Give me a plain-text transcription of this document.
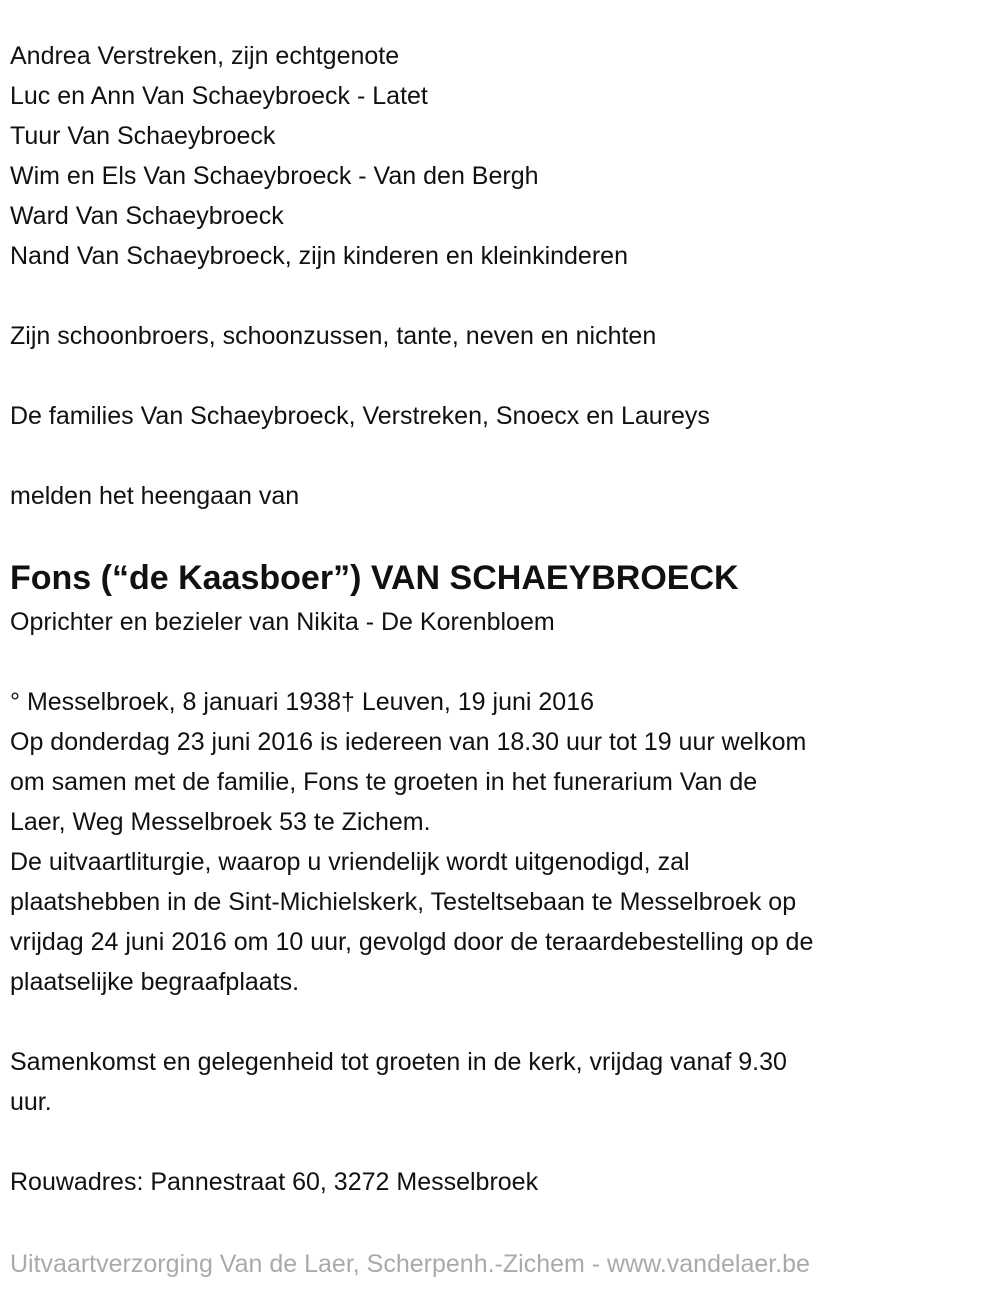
Andrea Verstreken, zijn echtgenote
Luc en Ann Van Schaeybroeck - Latet
Tuur Van Schaeybroeck
Wim en Els Van Schaeybroeck - Van den Bergh
Ward Van Schaeybroeck
Nand Van Schaeybroeck, zijn kinderen en kleinkinderen
Zijn schoonbroers, schoonzussen, tante, neven en nichten
De families Van Schaeybroeck, Verstreken, Snoecx en Laureys
melden het heengaan van
Fons (“de Kaasboer”) VAN SCHAEYBROECK
Oprichter en bezieler van Nikita - De Korenbloem
° Messelbroek, 8 januari 1938† Leuven, 19 juni 2016
Op donderdag 23 juni 2016 is iedereen van 18.30 uur tot 19 uur welkom
om samen met de familie, Fons te groeten in het funerarium Van de
Laer, Weg Messelbroek 53 te Zichem.
De uitvaartliturgie, waarop u vriendelijk wordt uitgenodigd, zal
plaatshebben in de Sint-Michielskerk, Testeltsebaan te Messelbroek op
vrijdag 24 juni 2016 om 10 uur, gevolgd door de teraardebestelling op de
plaatselijke begraafplaats.
Samenkomst en gelegenheid tot groeten in de kerk, vrijdag vanaf 9.30
uur.
Rouwadres: Pannestraat 60, 3272 Messelbroek
Uitvaartverzorging Van de Laer, Scherpenh.-Zichem - www.vandelaer.be
